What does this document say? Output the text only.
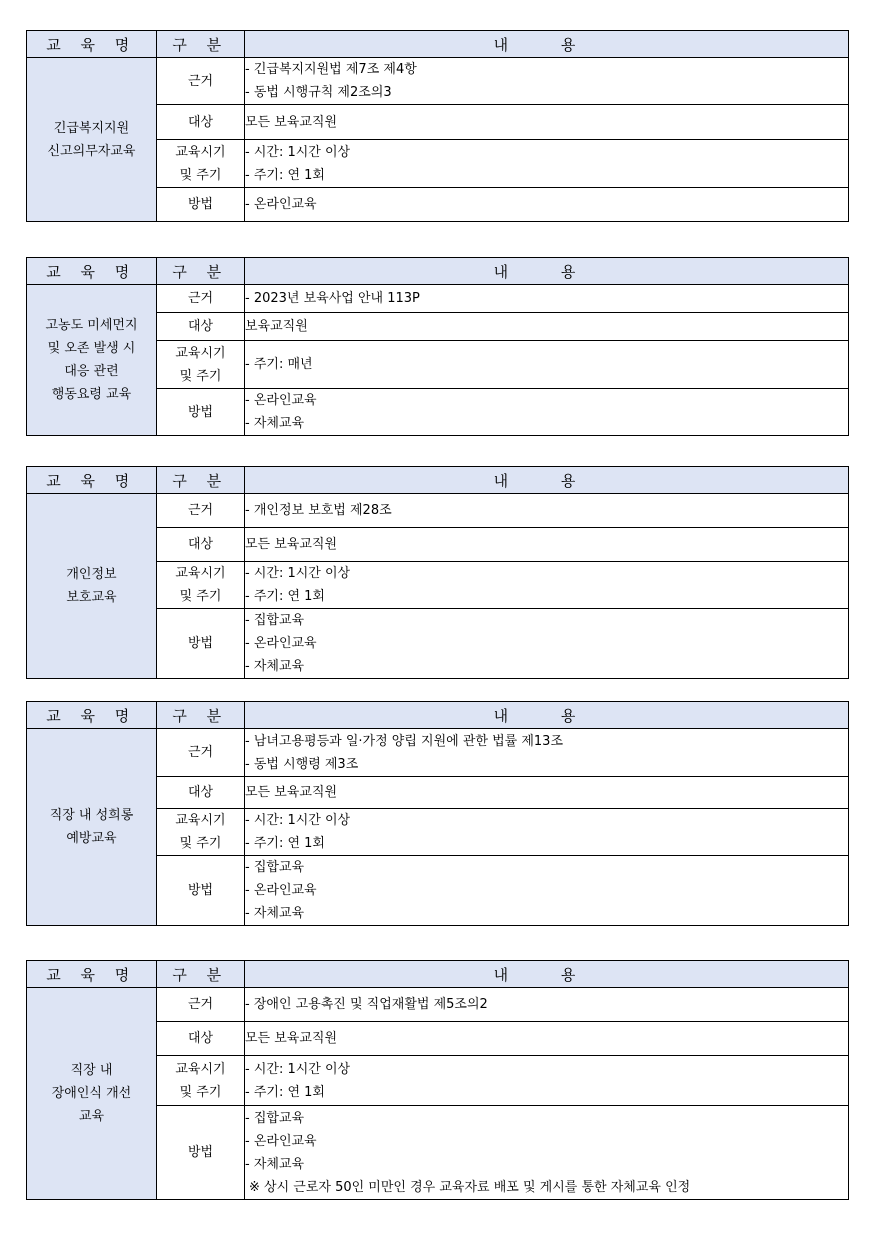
교 육 명	구 분	내 용

긴급복지지원
신고의무자교육	근거	- 긴급복지지원법 제7조 제4항
- 동법 시행규칙 제2조의3

	대상	모든 보육교직원

	교육시기
및 주기	- 시간: 1시간 이상
- 주기: 연 1회

	방법	- 온라인교육
교 육 명	구 분	내 용

고농도 미세먼지
및 오존 발생 시
대응 관련
행동요령 교육	근거	- 2023년 보육사업 안내 113P

	대상	보육교직원

	교육시기
및 주기	- 주기: 매년

	방법	- 온라인교육
- 자체교육
교 육 명	구 분	내 용

개인정보
보호교육	근거	- 개인정보 보호법 제28조

	대상	모든 보육교직원

	교육시기
및 주기	- 시간: 1시간 이상
- 주기: 연 1회

	방법	- 집합교육
- 온라인교육
- 자체교육
교 육 명	구 분	내 용

직장 내 성희롱
예방교육	근거	- 남녀고용평등과 일·가정 양립 지원에 관한 법률 제13조
- 동법 시행령 제3조

	대상	모든 보육교직원

	교육시기
및 주기	- 시간: 1시간 이상
- 주기: 연 1회

	방법	- 집합교육
- 온라인교육
- 자체교육
교 육 명	구 분	내 용

직장 내
장애인식 개선
교육	근거	- 장애인 고용촉진 및 직업재활법 제5조의2

	대상	모든 보육교직원

	교육시기
및 주기	- 시간: 1시간 이상
- 주기: 연 1회

	방법	- 집합교육
- 온라인교육
- 자체교육
※ 상시 근로자 50인 미만인 경우 교육자료 배포 및 게시를 통한 자체교육 인정
